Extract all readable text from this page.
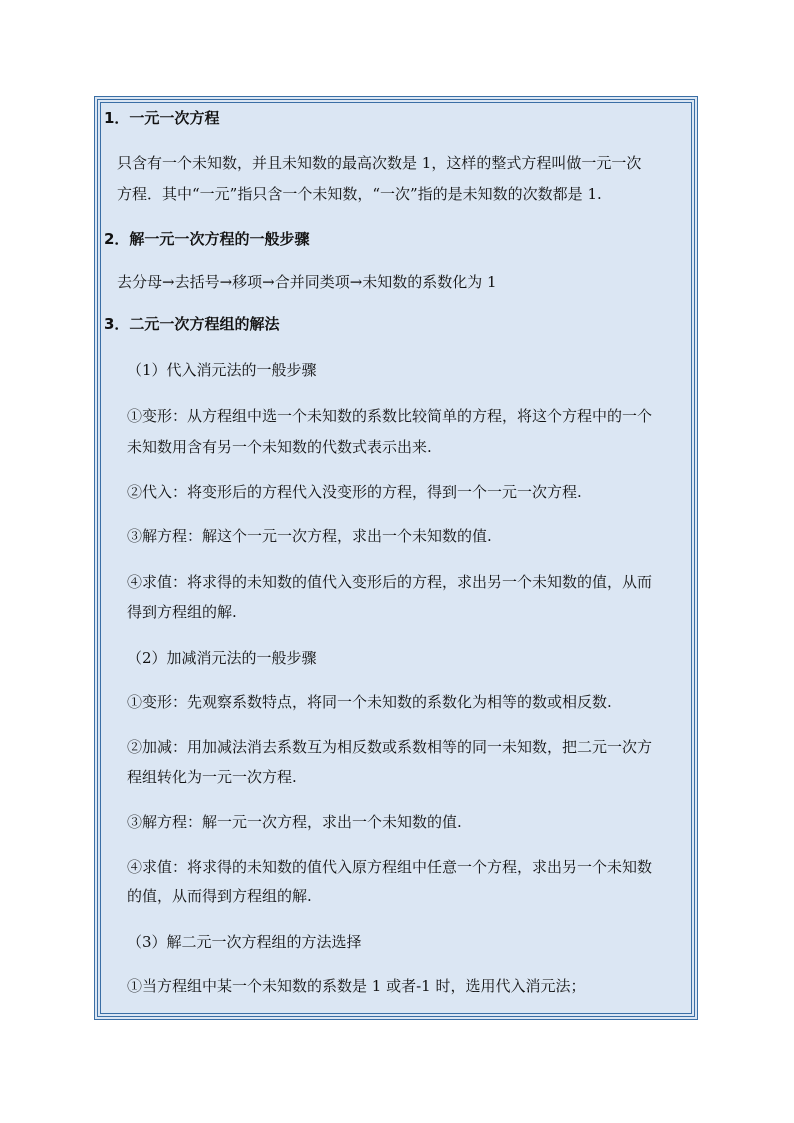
1．一元一次方程
只含有一个未知数，并且未知数的最高次数是 1，这样的整式方程叫做一元一次
方程．其中“一元”指只含一个未知数，“一次”指的是未知数的次数都是 1.
2．解一元一次方程的一般步骤
去分母→去括号→移项→合并同类项→未知数的系数化为 1
3．二元一次方程组的解法
（1）代入消元法的一般步骤
①变形：从方程组中选一个未知数的系数比较简单的方程，将这个方程中的一个
未知数用含有另一个未知数的代数式表示出来.
②代入：将变形后的方程代入没变形的方程，得到一个一元一次方程.
③解方程：解这个一元一次方程，求出一个未知数的值.
④求值：将求得的未知数的值代入变形后的方程，求出另一个未知数的值，从而
得到方程组的解.
（2）加减消元法的一般步骤
①变形：先观察系数特点，将同一个未知数的系数化为相等的数或相反数.
②加减：用加减法消去系数互为相反数或系数相等的同一未知数，把二元一次方
程组转化为一元一次方程.
③解方程：解一元一次方程，求出一个未知数的值.
④求值：将求得的未知数的值代入原方程组中任意一个方程，求出另一个未知数
的值，从而得到方程组的解.
（3）解二元一次方程组的方法选择
①当方程组中某一个未知数的系数是 1 或者-1 时，选用代入消元法；
